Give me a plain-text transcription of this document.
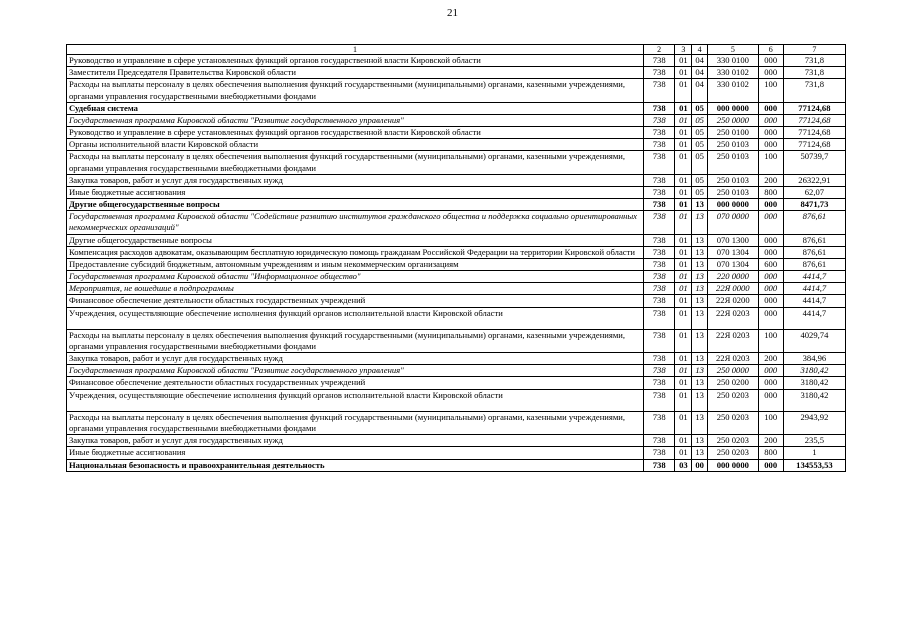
21
1	2	3	4	5	6	7
Руководство и управление в сфере установленных функций органов государственной власти Кировской области	738	01	04	330 0100	000	731,8
Заместители Председателя Правительства Кировской области	738	01	04	330 0102	000	731,8
Расходы на выплаты персоналу в целях обеспечения выполнения функций государственными (муниципальными) органами, казенными учреждениями, органами управления государственными внебюджетными фондами	738	01	04	330 0102	100	731,8
Судебная система	738	01	05	000 0000	000	77124,68
Государственная программа Кировской области "Развитие государственного управления"	738	01	05	250 0000	000	77124,68
Руководство и управление в сфере установленных функций органов государственной власти Кировской области	738	01	05	250 0100	000	77124,68
Органы исполнительной власти Кировской области	738	01	05	250 0103	000	77124,68
Расходы на выплаты персоналу в целях обеспечения выполнения функций государственными (муниципальными) органами, казенными учреждениями, органами управления государственными внебюджетными фондами	738	01	05	250 0103	100	50739,7
Закупка товаров, работ и услуг для государственных нужд	738	01	05	250 0103	200	26322,91
Иные бюджетные ассигнования	738	01	05	250 0103	800	62,07
Другие общегосударственные вопросы	738	01	13	000 0000	000	8471,73
Государственная программа Кировской области "Содействие развитию институтов гражданского общества и поддержка социально ориентированных некоммерческих организаций"	738	01	13	070 0000	000	876,61
Другие общегосударственные вопросы	738	01	13	070 1300	000	876,61
Компенсация расходов адвокатам, оказывающим бесплатную юридическую помощь гражданам Российской Федерации на территории Кировской области	738	01	13	070 1304	000	876,61
Предоставление субсидий бюджетным, автономным учреждениям и иным некоммерческим организациям	738	01	13	070 1304	600	876,61
Государственная программа Кировской области "Информационное общество"	738	01	13	220 0000	000	4414,7
Мероприятия, не вошедшие в подпрограммы	738	01	13	22Я 0000	000	4414,7
Финансовое обеспечение деятельности областных государственных учреждений	738	01	13	22Я 0200	000	4414,7
Учреждения, осуществляющие обеспечение исполнения функций органов исполнительной власти Кировской области	738	01	13	22Я 0203	000	4414,7
Расходы на выплаты персоналу в целях обеспечения выполнения функций государственными (муниципальными) органами, казенными учреждениями, органами управления государственными внебюджетными фондами	738	01	13	22Я 0203	100	4029,74
Закупка товаров, работ и услуг для государственных нужд	738	01	13	22Я 0203	200	384,96
Государственная программа Кировской области "Развитие государственного управления"	738	01	13	250 0000	000	3180,42
Финансовое обеспечение деятельности областных государственных учреждений	738	01	13	250 0200	000	3180,42
Учреждения, осуществляющие обеспечение исполнения функций органов исполнительной власти Кировской области	738	01	13	250 0203	000	3180,42
Расходы на выплаты персоналу в целях обеспечения выполнения функций государственными (муниципальными) органами, казенными учреждениями, органами управления государственными внебюджетными фондами	738	01	13	250 0203	100	2943,92
Закупка товаров, работ и услуг для государственных нужд	738	01	13	250 0203	200	235,5
Иные бюджетные ассигнования	738	01	13	250 0203	800	1
Национальная безопасность и правоохранительная деятельность	738	03	00	000 0000	000	134553,53
